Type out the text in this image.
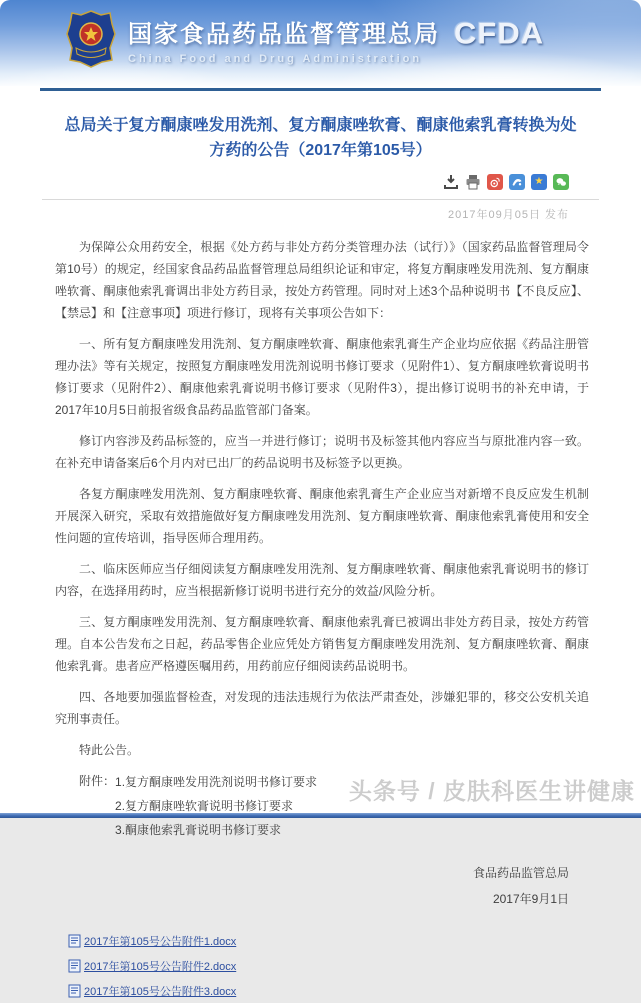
国家食品药品监督管理总局
China Food and Drug Administration
CFDA
总局关于复方酮康唑发用洗剂、复方酮康唑软膏、酮康他索乳膏转换为处方药的公告（2017年第105号）
★
2017年09月05日 发布

为保障公众用药安全，根据《处方药与非处方药分类管理办法（试行）》（国家药品监督管理局令第10号）的规定，经国家食品药品监督管理总局组织论证和审定，将复方酮康唑发用洗剂、复方酮康唑软膏、酮康他索乳膏调出非处方药目录，按处方药管理。同时对上述3个品种说明书【不良反应】、【禁忌】和【注意事项】项进行修订，现将有关事项公告如下：

一、所有复方酮康唑发用洗剂、复方酮康唑软膏、酮康他索乳膏生产企业均应依据《药品注册管理办法》等有关规定，按照复方酮康唑发用洗剂说明书修订要求（见附件1）、复方酮康唑软膏说明书修订要求（见附件2）、酮康他索乳膏说明书修订要求（见附件3），提出修订说明书的补充申请，于2017年10月5日前报省级食品药品监管部门备案。

修订内容涉及药品标签的，应当一并进行修订；说明书及标签其他内容应当与原批准内容一致。在补充申请备案后6个月内对已出厂的药品说明书及标签予以更换。

各复方酮康唑发用洗剂、复方酮康唑软膏、酮康他索乳膏生产企业应当对新增不良反应发生机制开展深入研究，采取有效措施做好复方酮康唑发用洗剂、复方酮康唑软膏、酮康他索乳膏使用和安全性问题的宣传培训，指导医师合理用药。

二、临床医师应当仔细阅读复方酮康唑发用洗剂、复方酮康唑软膏、酮康他索乳膏说明书的修订内容，在选择用药时，应当根据新修订说明书进行充分的效益/风险分析。

三、复方酮康唑发用洗剂、复方酮康唑软膏、酮康他索乳膏已被调出非处方药目录，按处方药管理。自本公告发布之日起，药品零售企业应凭处方销售复方酮康唑发用洗剂、复方酮康唑软膏、酮康他索乳膏。患者应严格遵医嘱用药，用药前应仔细阅读药品说明书。

四、各地要加强监督检查，对发现的违法违规行为依法严肃查处，涉嫌犯罪的，移交公安机关追究刑事责任。

特此公告。

附件： 1.复方酮康唑发用洗剂说明书修订要求
2.复方酮康唑软膏说明书修订要求
3.酮康他索乳膏说明书修订要求
食品药品监管总局
2017年9月1日
2017年第105号公告附件1.docx
2017年第105号公告附件2.docx
2017年第105号公告附件3.docx
头条号 / 皮肤科医生讲健康
